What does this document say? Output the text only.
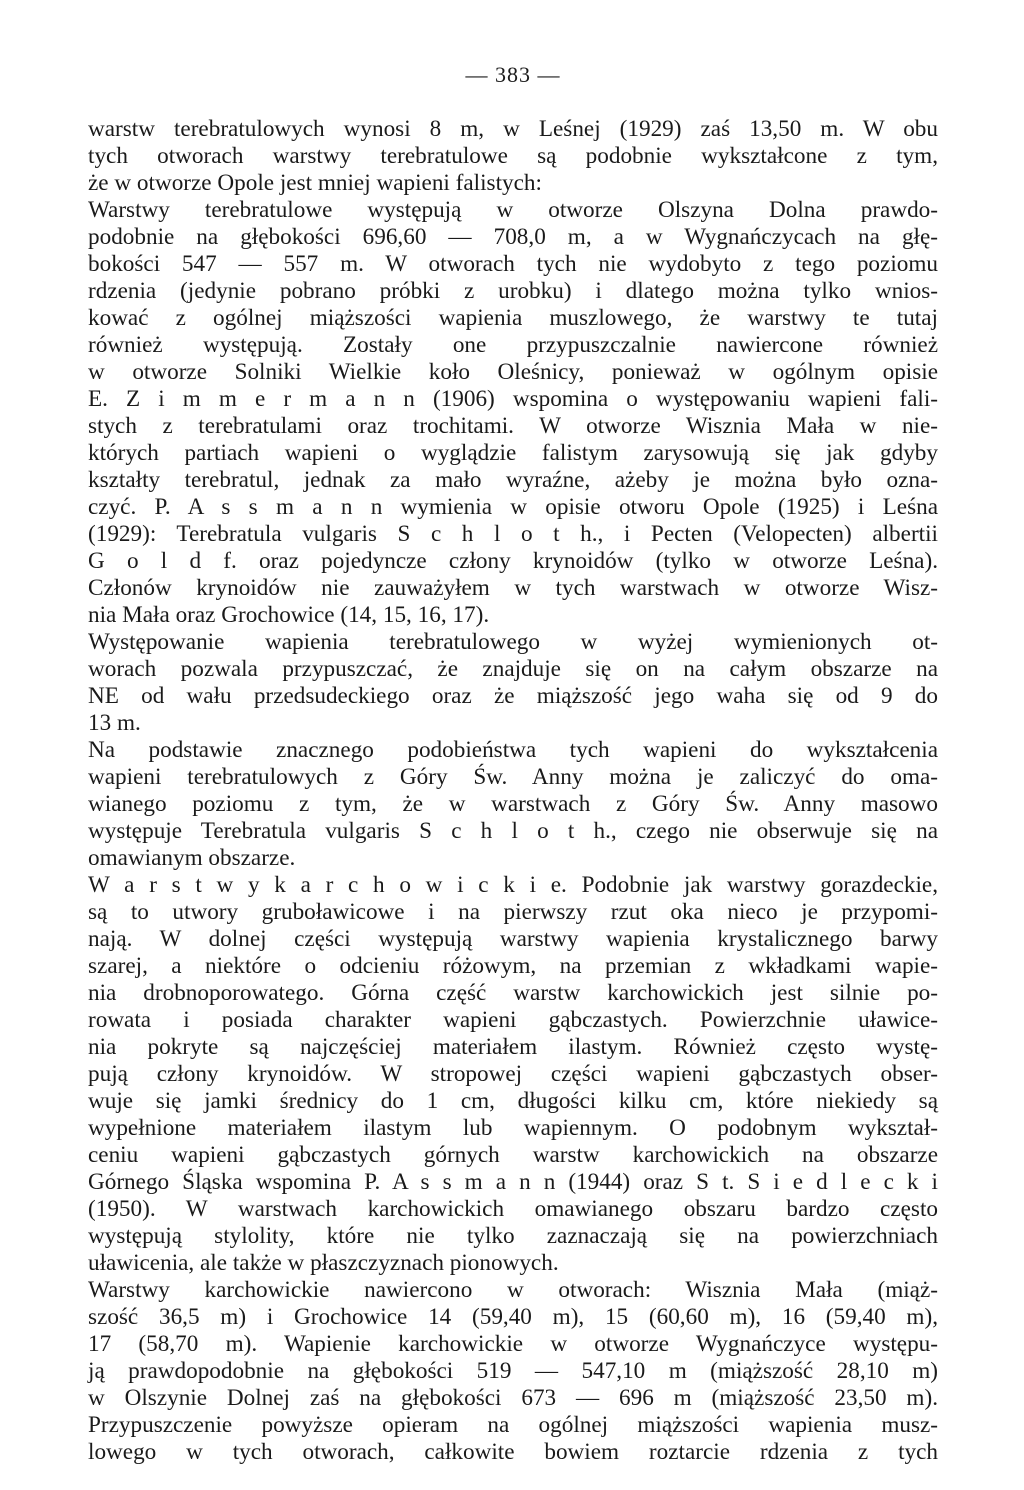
— 383 —
warstw terebratulowych wynosi 8 m, w Leśnej (1929) zaś 13,50 m. W obu
tych otworach warstwy terebratulowe są podobnie wykształcone z tym,
że w otworze Opole jest mniej wapieni falistych:
Warstwy terebratulowe występują w otworze Olszyna Dolna prawdo-
podobnie na głębokości 696,60 — 708,0 m, a w Wygnańczycach na głę-
bokości 547 — 557 m. W otworach tych nie wydobyto z tego poziomu
rdzenia (jedynie pobrano próbki z urobku) i dlatego można tylko wnios-
kować z ogólnej miąższości wapienia muszlowego, że warstwy te tutaj
również występują. Zostały one przypuszczalnie nawiercone również
w otworze Solniki Wielkie koło Oleśnicy, ponieważ w ogólnym opisie
E. Z i m m e r m a n n (1906) wspomina o występowaniu wapieni fali-
stych z terebratulami oraz trochitami. W otworze Wisznia Mała w nie-
których partiach wapieni o wyglądzie falistym zarysowują się jak gdyby
kształty terebratul, jednak za mało wyraźne, ażeby je można było ozna-
czyć. P. A s s m a n n wymienia w opisie otworu Opole (1925) i Leśna
(1929): Terebratula vulgaris S c h l o t h., i Pecten (Velopecten) albertii
G o l d f. oraz pojedyncze człony krynoidów (tylko w otworze Leśna).
Członów krynoidów nie zauważyłem w tych warstwach w otworze Wisz-
nia Mała oraz Grochowice (14, 15, 16, 17).
Występowanie wapienia terebratulowego w wyżej wymienionych ot-
worach pozwala przypuszczać, że znajduje się on na całym obszarze na
NE od wału przedsudeckiego oraz że miąższość jego waha się od 9 do
13 m.
Na podstawie znacznego podobieństwa tych wapieni do wykształcenia
wapieni terebratulowych z Góry Św. Anny można je zaliczyć do oma-
wianego poziomu z tym, że w warstwach z Góry Św. Anny masowo
występuje Terebratula vulgaris S c h l o t h., czego nie obserwuje się na
omawianym obszarze.
W a r s t w y k a r c h o w i c k i e. Podobnie jak warstwy gorazdeckie,
są to utwory gruboławicowe i na pierwszy rzut oka nieco je przypomi-
nają. W dolnej części występują warstwy wapienia krystalicznego barwy
szarej, a niektóre o odcieniu różowym, na przemian z wkładkami wapie-
nia drobnoporowatego. Górna część warstw karchowickich jest silnie po-
rowata i posiada charakter wapieni gąbczastych. Powierzchnie uławice-
nia pokryte są najczęściej materiałem ilastym. Również często wystę-
pują człony krynoidów. W stropowej części wapieni gąbczastych obser-
wuje się jamki średnicy do 1 cm, długości kilku cm, które niekiedy są
wypełnione materiałem ilastym lub wapiennym. O podobnym wykształ-
ceniu wapieni gąbczastych górnych warstw karchowickich na obszarze
Górnego Śląska wspomina P. A s s m a n n (1944) oraz S t. S i e d l e c k i
(1950). W warstwach karchowickich omawianego obszaru bardzo często
występują stylolity, które nie tylko zaznaczają się na powierzchniach
uławicenia, ale także w płaszczyznach pionowych.
Warstwy karchowickie nawiercono w otworach: Wisznia Mała (miąż-
szość 36,5 m) i Grochowice 14 (59,40 m), 15 (60,60 m), 16 (59,40 m),
17 (58,70 m). Wapienie karchowickie w otworze Wygnańczyce występu-
ją prawdopodobnie na głębokości 519 — 547,10 m (miąższość 28,10 m)
w Olszynie Dolnej zaś na głębokości 673 — 696 m (miąższość 23,50 m).
Przypuszczenie powyższe opieram na ogólnej miąższości wapienia musz-
lowego w tych otworach, całkowite bowiem roztarcie rdzenia z tych
